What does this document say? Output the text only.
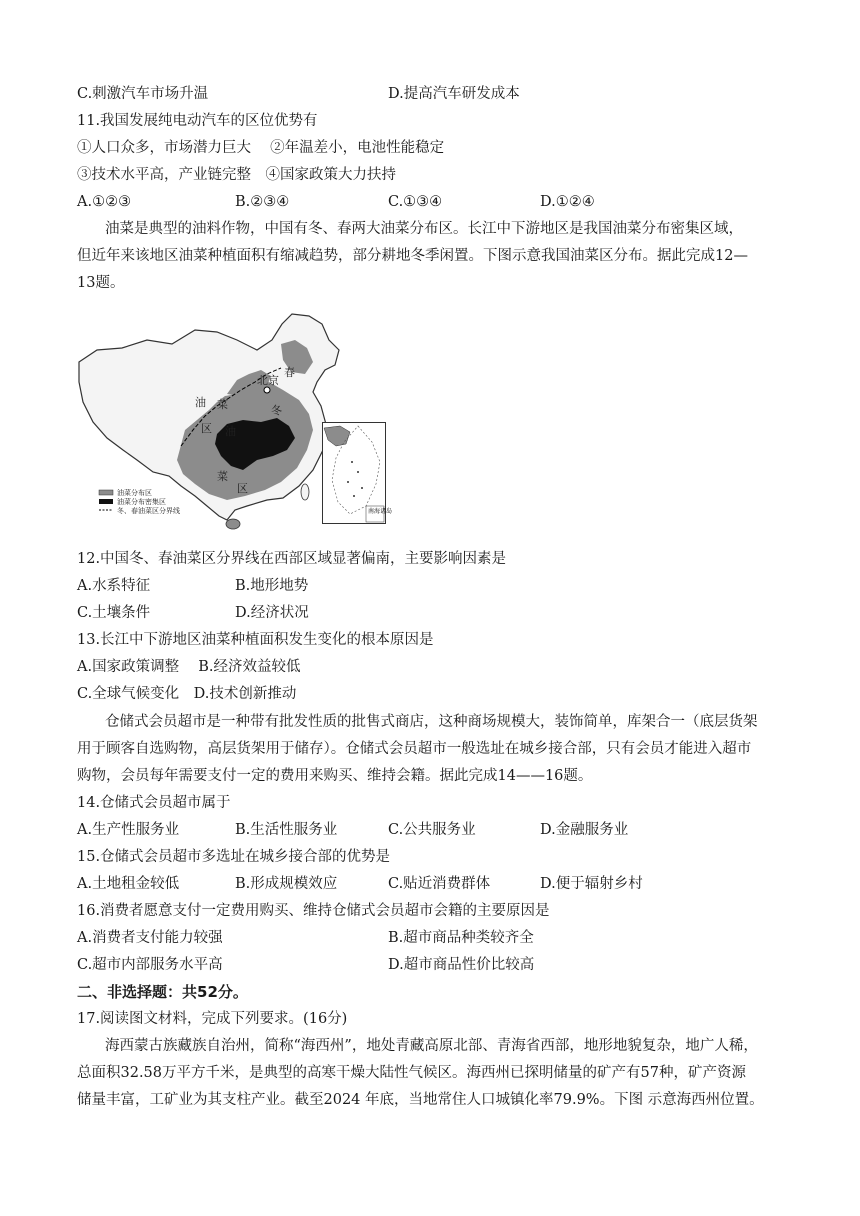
C.刺激汽车市场升温	D.提高汽车研发成本
11.我国发展纯电动汽车的区位优势有
①人口众多，市场潜力巨大　 ②年温差小，电池性能稳定
③技术水平高，产业链完整　④国家政策大力扶持
A.①②③	B.②③④	C.①③④	D.①②④
油菜是典型的油料作物，中国有冬、春两大油菜分布区。长江中下游地区是我国油菜分布密集区域，
但近年来该地区油菜种植面积有缩减趋势，部分耕地冬季闲置。下图示意我国油菜区分布。据此完成12—
13题。
北京
春
油 菜
油
冬
区
区
菜
油菜分布区
油菜分布密集区
冬、春油菜区分界线	南海诸岛
12.中国冬、春油菜区分界线在西部区域显著偏南，主要影响因素是
A.水系特征	B.地形地势
C.土壤条件	D.经济状况
13.长江中下游地区油菜种植面积发生变化的根本原因是
A.国家政策调整　 B.经济效益较低
C.全球气候变化　D.技术创新推动
仓储式会员超市是一种带有批发性质的批售式商店，这种商场规模大，装饰简单，库架合一（底层货架
用于顾客自选购物，高层货架用于储存）。仓储式会员超市一般选址在城乡接合部，只有会员才能进入超市
购物，会员每年需要支付一定的费用来购买、维持会籍。据此完成14——16题。
14.仓储式会员超市属于
A.生产性服务业	B.生活性服务业	C.公共服务业	D.金融服务业
15.仓储式会员超市多选址在城乡接合部的优势是
A.土地租金较低	B.形成规模效应	C.贴近消费群体	D.便于辐射乡村
16.消费者愿意支付一定费用购买、维持仓储式会员超市会籍的主要原因是
A.消费者支付能力较强	B.超市商品种类较齐全
C.超市内部服务水平高	D.超市商品性价比较高
二、非选择题：共52分。
17.阅读图文材料，完成下列要求。(16分)
海西蒙古族藏族自治州，简称“海西州”，地处青藏高原北部、青海省西部，地形地貌复杂，地广人稀，
总面积32.58万平方千米，是典型的高寒干燥大陆性气候区。海西州已探明储量的矿产有57种，矿产资源
储量丰富，工矿业为其支柱产业。截至2024 年底，当地常住人口城镇化率79.9%。下图 示意海西州位置。
